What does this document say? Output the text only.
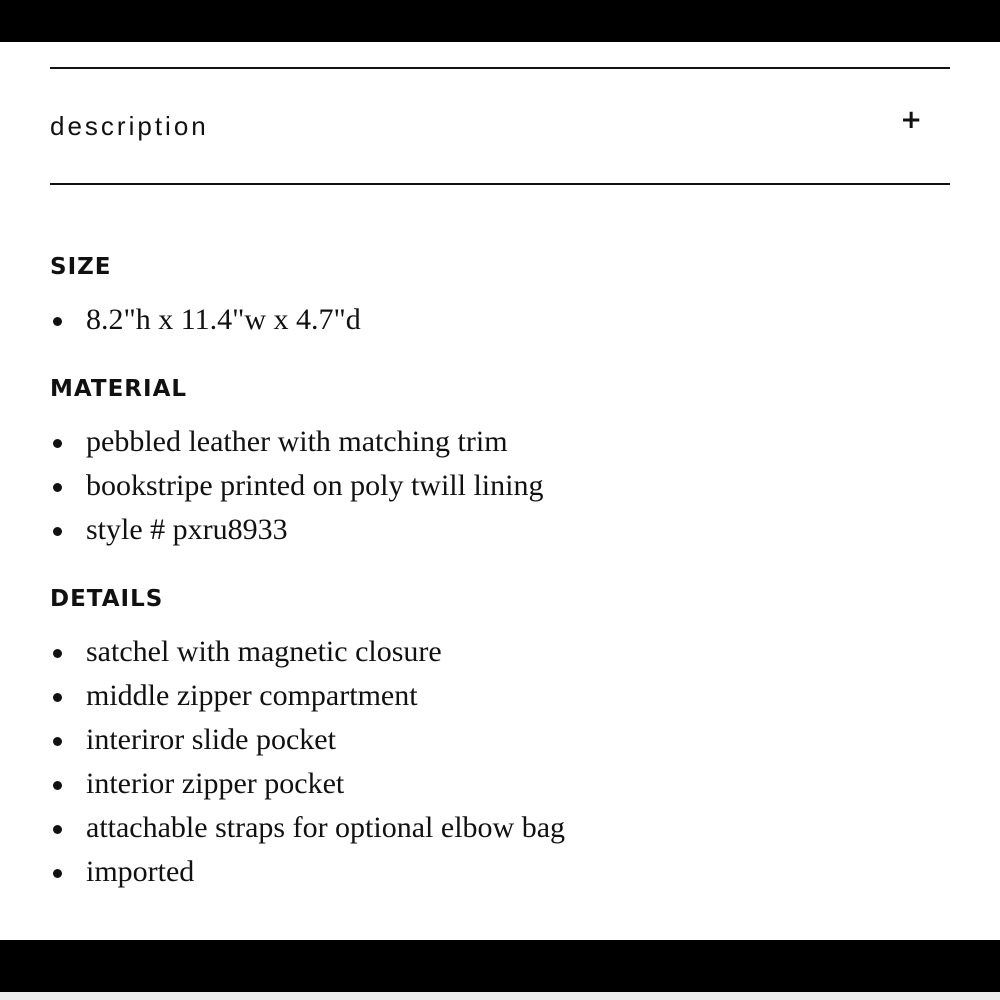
description	+
SIZE
8.2"h x 11.4"w x 4.7"d
MATERIAL
pebbled leather with matching trim
bookstripe printed on poly twill lining
style # pxru8933
DETAILS
satchel with magnetic closure
middle zipper compartment
interiror slide pocket
interior zipper pocket
attachable straps for optional elbow bag
imported
